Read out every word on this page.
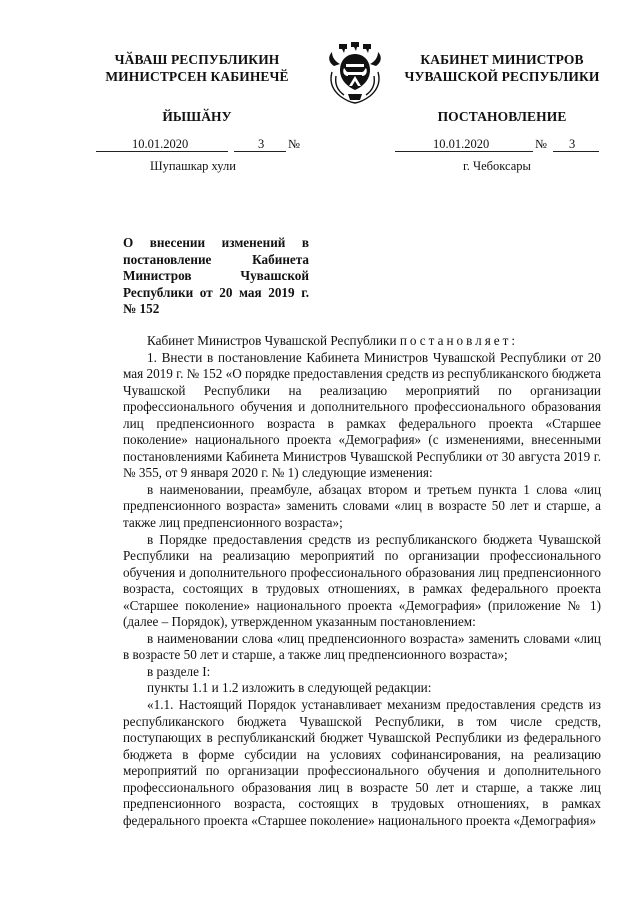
ЧӐВАШ РЕСПУБЛИКИН
МИНИСТРСЕН КАБИНЕЧӖ
ЙЫШӐНУ
КАБИНЕТ МИНИСТРОВ
ЧУВАШСКОЙ РЕСПУБЛИКИ
ПОСТАНОВЛЕНИЕ
10.01.2020	3 №	10.01.2020	№ 3
Шупашкар хули	г. Чебоксары
О внесении изменений в постановление Кабинета Министров Чувашской Республики от 20 мая 2019 г. № 152

Кабинет Министров Чувашской Республики постановляет:

1. Внести в постановление Кабинета Министров Чувашской Республики от 20 мая 2019 г. № 152 «О порядке предоставления средств из республиканского бюджета Чувашской Республики на реализацию мероприятий по организации профессионального обучения и дополнительного профессионального образования лиц предпенсионного возраста в рамках федерального проекта «Старшее поколение» национального проекта «Демография» (с изменениями, внесенными постановлениями Кабинета Министров Чувашской Республики от 30 августа 2019 г. № 355, от 9 января 2020 г. № 1) следующие изменения:

в наименовании, преамбуле, абзацах втором и третьем пункта 1 слова «лиц предпенсионного возраста» заменить словами «лиц в возрасте 50 лет и старше, а также лиц предпенсионного возраста»;

в Порядке предоставления средств из республиканского бюджета Чувашской Республики на реализацию мероприятий по организации профессионального обучения и дополнительного профессионального образования лиц предпенсионного возраста, состоящих в трудовых отношениях, в рамках федерального проекта «Старшее поколение» национального проекта «Демография» (приложение № 1) (далее – Порядок), утвержденном указанным постановлением:

в наименовании слова «лиц предпенсионного возраста» заменить словами «лиц в возрасте 50 лет и старше, а также лиц предпенсионного возраста»;

в разделе I:

пункты 1.1 и 1.2 изложить в следующей редакции:

«1.1. Настоящий Порядок устанавливает механизм предоставления средств из республиканского бюджета Чувашской Республики, в том числе средств, поступающих в республиканский бюджет Чувашской Республики из федерального бюджета в форме субсидии на условиях софинансирования, на реализацию мероприятий по организации профессионального обучения и дополнительного профессионального образования лиц в возрасте 50 лет и старше, а также лиц предпенсионного возраста, состоящих в трудовых отношениях, в рамках федерального проекта «Старшее поколение» национального проекта «Демография»
